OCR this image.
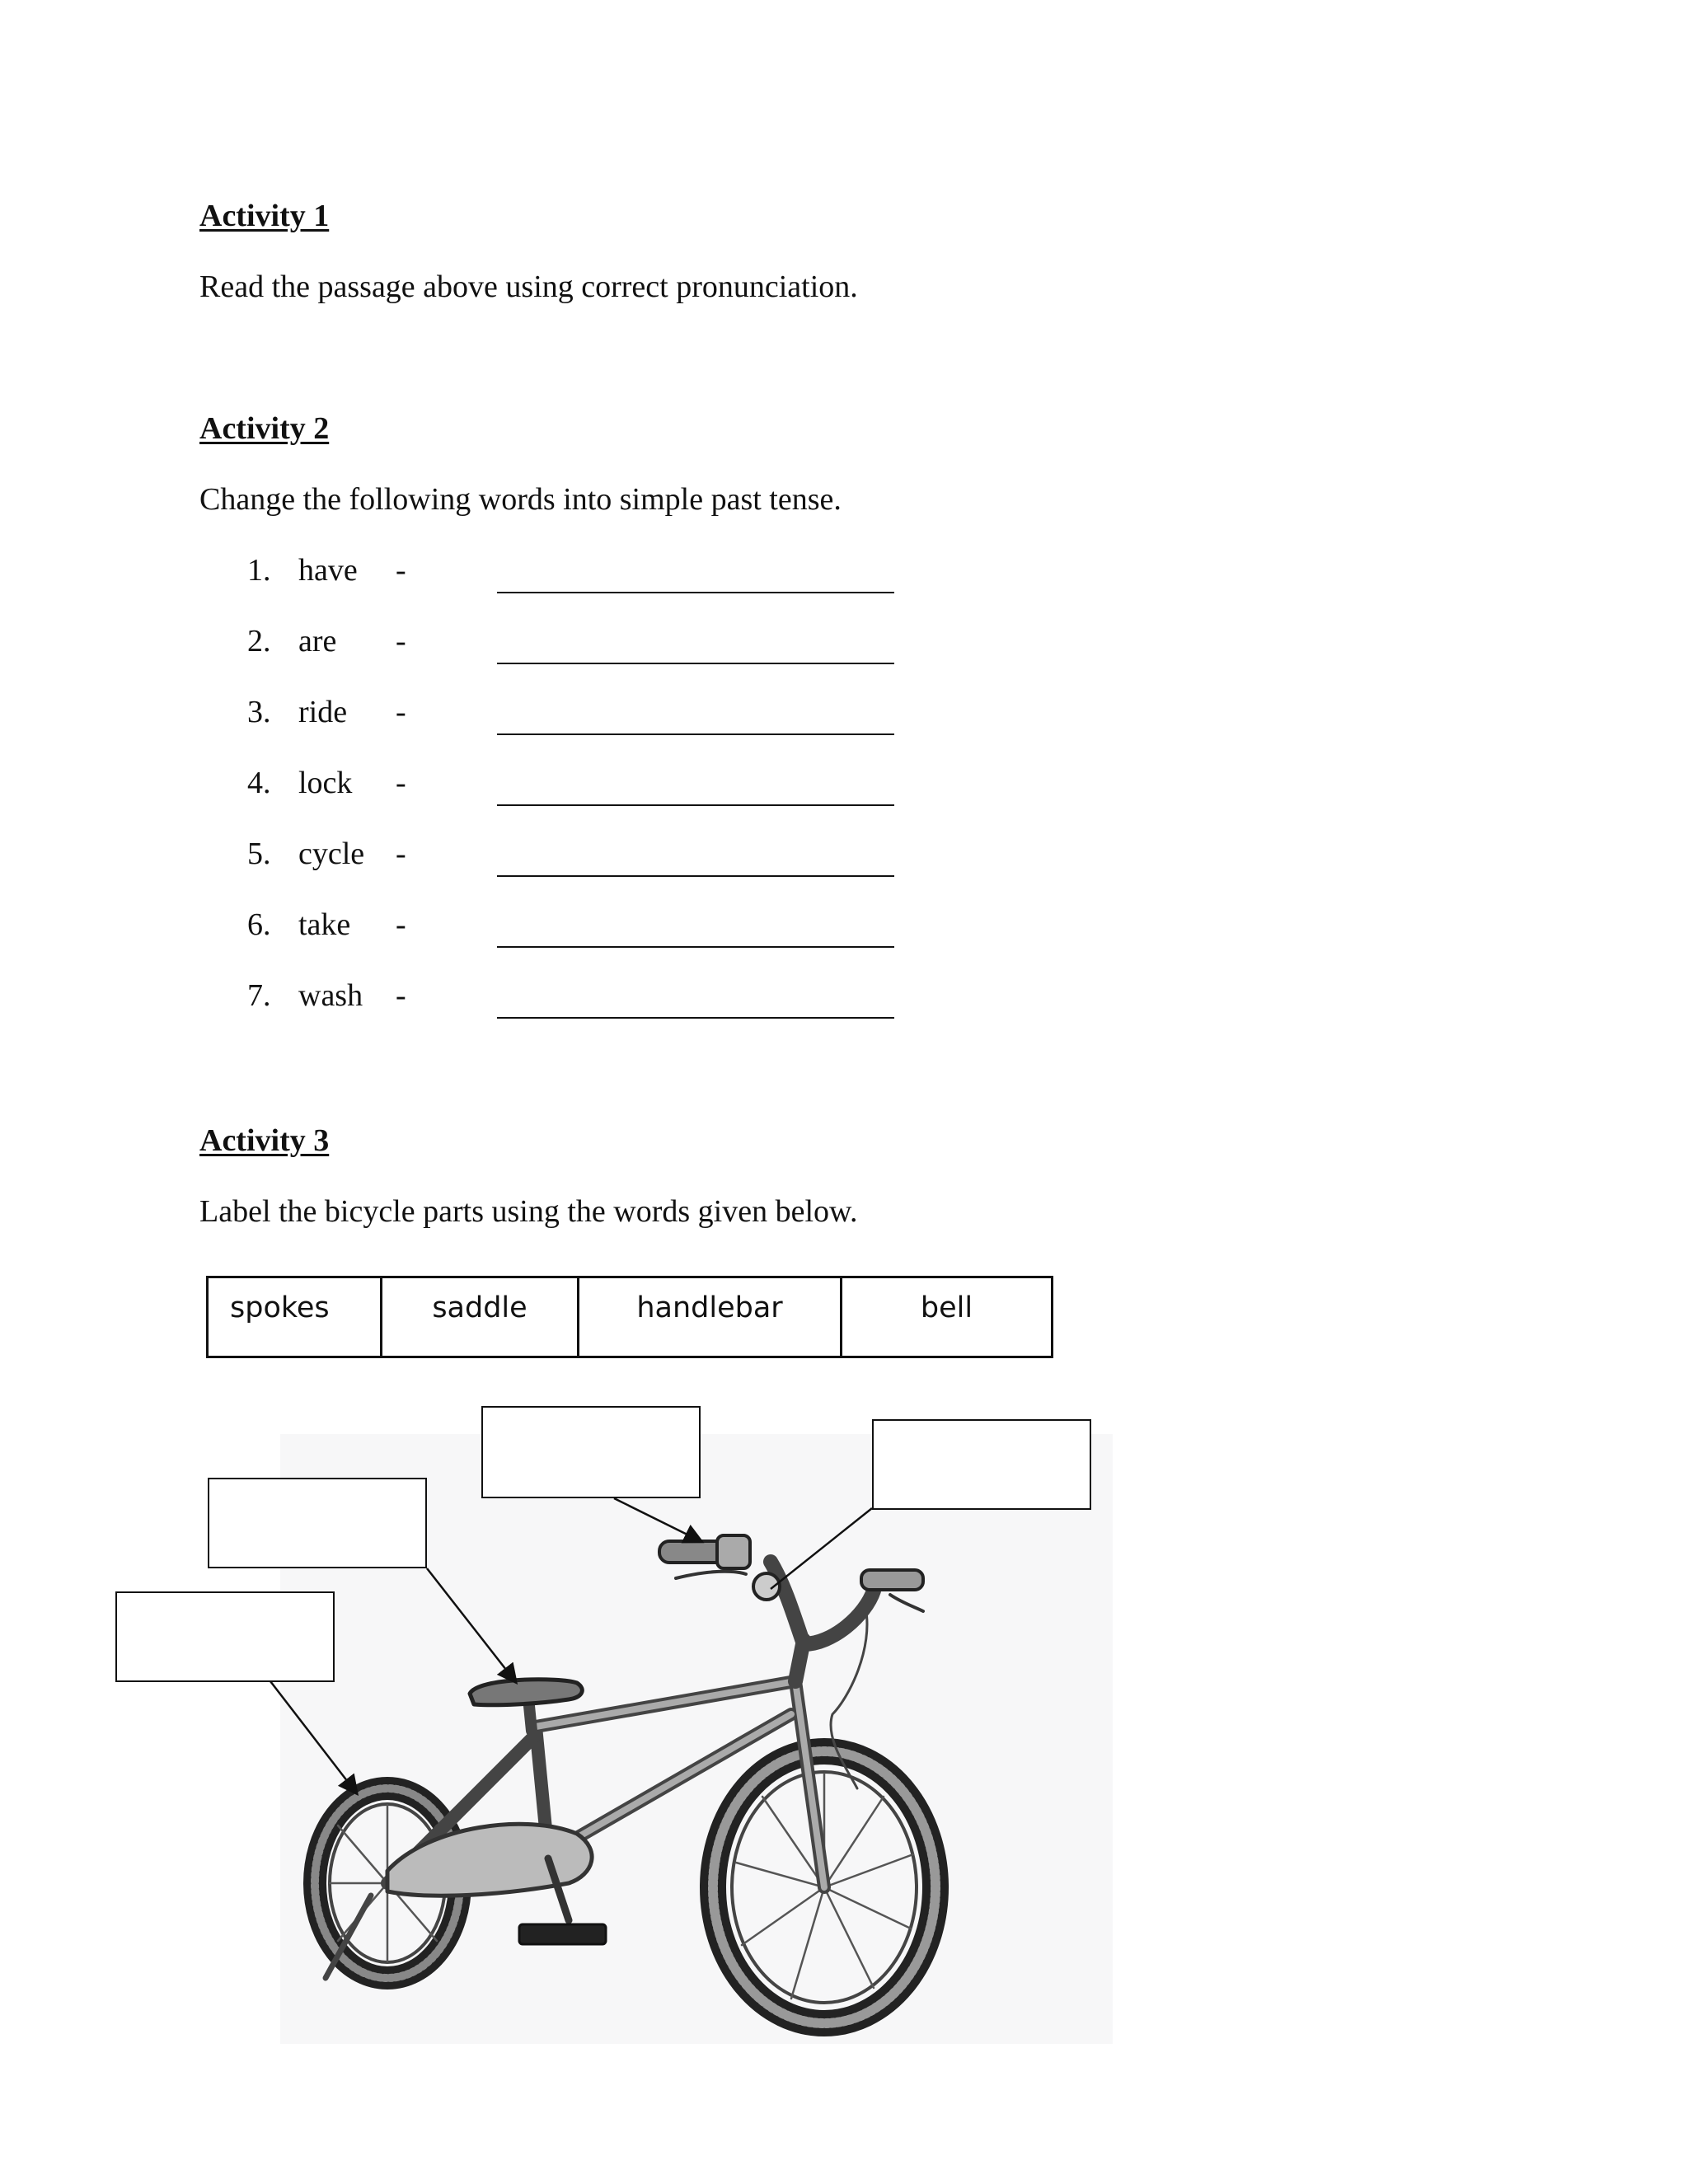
Activity 1

Read the passage above using correct pronunciation.

Activity 2

Change the following words into simple past tense.

1. have -
2. are -
3. ride -
4. lock -
5. cycle -
6. take -
7. wash -

Activity 3

Label the bicycle parts using the words given below.

spokes	saddle	handlebar	bell
